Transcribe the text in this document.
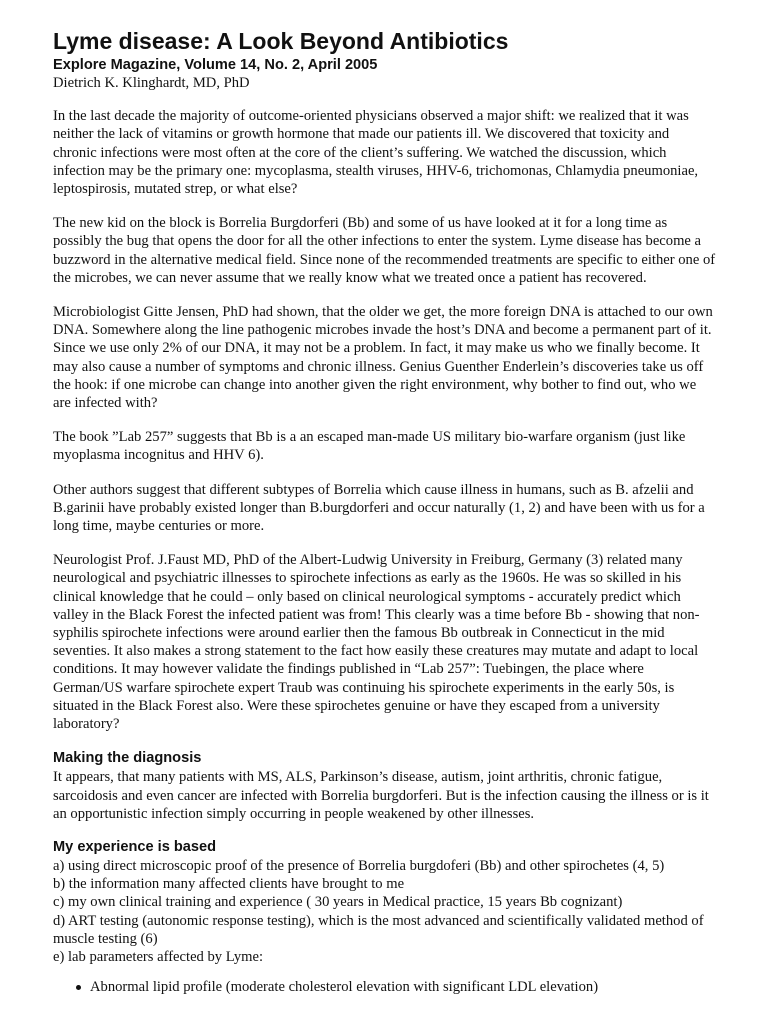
Lyme disease: A Look Beyond Antibiotics
Explore Magazine, Volume 14, No. 2, April 2005
Dietrich K. Klinghardt, MD, PhD

In the last decade the majority of outcome-oriented physicians observed a major shift: we realized that it was neither the lack of vitamins or growth hormone that made our patients ill. We discovered that toxicity and chronic infections were most often at the core of the client’s suffering. We watched the discussion, which infection may be the primary one: mycoplasma, stealth viruses, HHV-6, trichomonas, Chlamydia pneumoniae, leptospirosis, mutated strep, or what else?

The new kid on the block is Borrelia Burgdorferi (Bb) and some of us have looked at it for a long time as possibly the bug that opens the door for all the other infections to enter the system. Lyme disease has become a buzzword in the alternative medical field. Since none of the recommended treatments are specific to either one of the microbes, we can never assume that we really know what we treated once a patient has recovered.

Microbiologist Gitte Jensen, PhD had shown, that the older we get, the more foreign DNA is attached to our own DNA. Somewhere along the line pathogenic microbes invade the host’s DNA and become a permanent part of it. Since we use only 2% of our DNA, it may not be a problem. In fact, it may make us who we finally become. It may also cause a number of symptoms and chronic illness. Genius Guenther Enderlein’s discoveries take us off the hook: if one microbe can change into another given the right environment, why bother to find out, who we are infected with?

The book ”Lab 257” suggests that Bb is a an escaped man-made US military bio-warfare organism (just like myoplasma incognitus and HHV 6).

Other authors suggest that different subtypes of Borrelia which cause illness in humans, such as B. afzelii and B.garinii have probably existed longer than B.burgdorferi and occur naturally (1, 2) and have been with us for a long time, maybe centuries or more.

Neurologist Prof. J.Faust MD, PhD of the Albert-Ludwig University in Freiburg, Germany (3) related many neurological and psychiatric illnesses to spirochete infections as early as the 1960s. He was so skilled in his clinical knowledge that he could – only based on clinical neurological symptoms - accurately predict which valley in the Black Forest the infected patient was from! This clearly was a time before Bb - showing that non-syphilis spirochete infections were around earlier then the famous Bb outbreak in Connecticut in the mid seventies. It also makes a strong statement to the fact how easily these creatures may mutate and adapt to local conditions. It may however validate the findings published in “Lab 257”: Tuebingen, the place where German/US warfare spirochete expert Traub was continuing his spirochete experiments in the early 50s, is situated in the Black Forest also. Were these spirochetes genuine or have they escaped from a university laboratory?

Making the diagnosis

It appears, that many patients with MS, ALS, Parkinson’s disease, autism, joint arthritis, chronic fatigue, sarcoidosis and even cancer are infected with Borrelia burgdorferi. But is the infection causing the illness or is it an opportunistic infection simply occurring in people weakened by other illnesses.

My experience is based
a) using direct microscopic proof of the presence of Borrelia burgdoferi (Bb) and other spirochetes (4, 5)
b) the information many affected clients have brought to me
c) my own clinical training and experience ( 30 years in Medical practice, 15 years Bb cognizant)
d) ART testing (autonomic response testing), which is the most advanced and scientifically validated method of muscle testing (6)
e) lab parameters affected by Lyme:
Abnormal lipid profile (moderate cholesterol elevation with significant LDL elevation)
